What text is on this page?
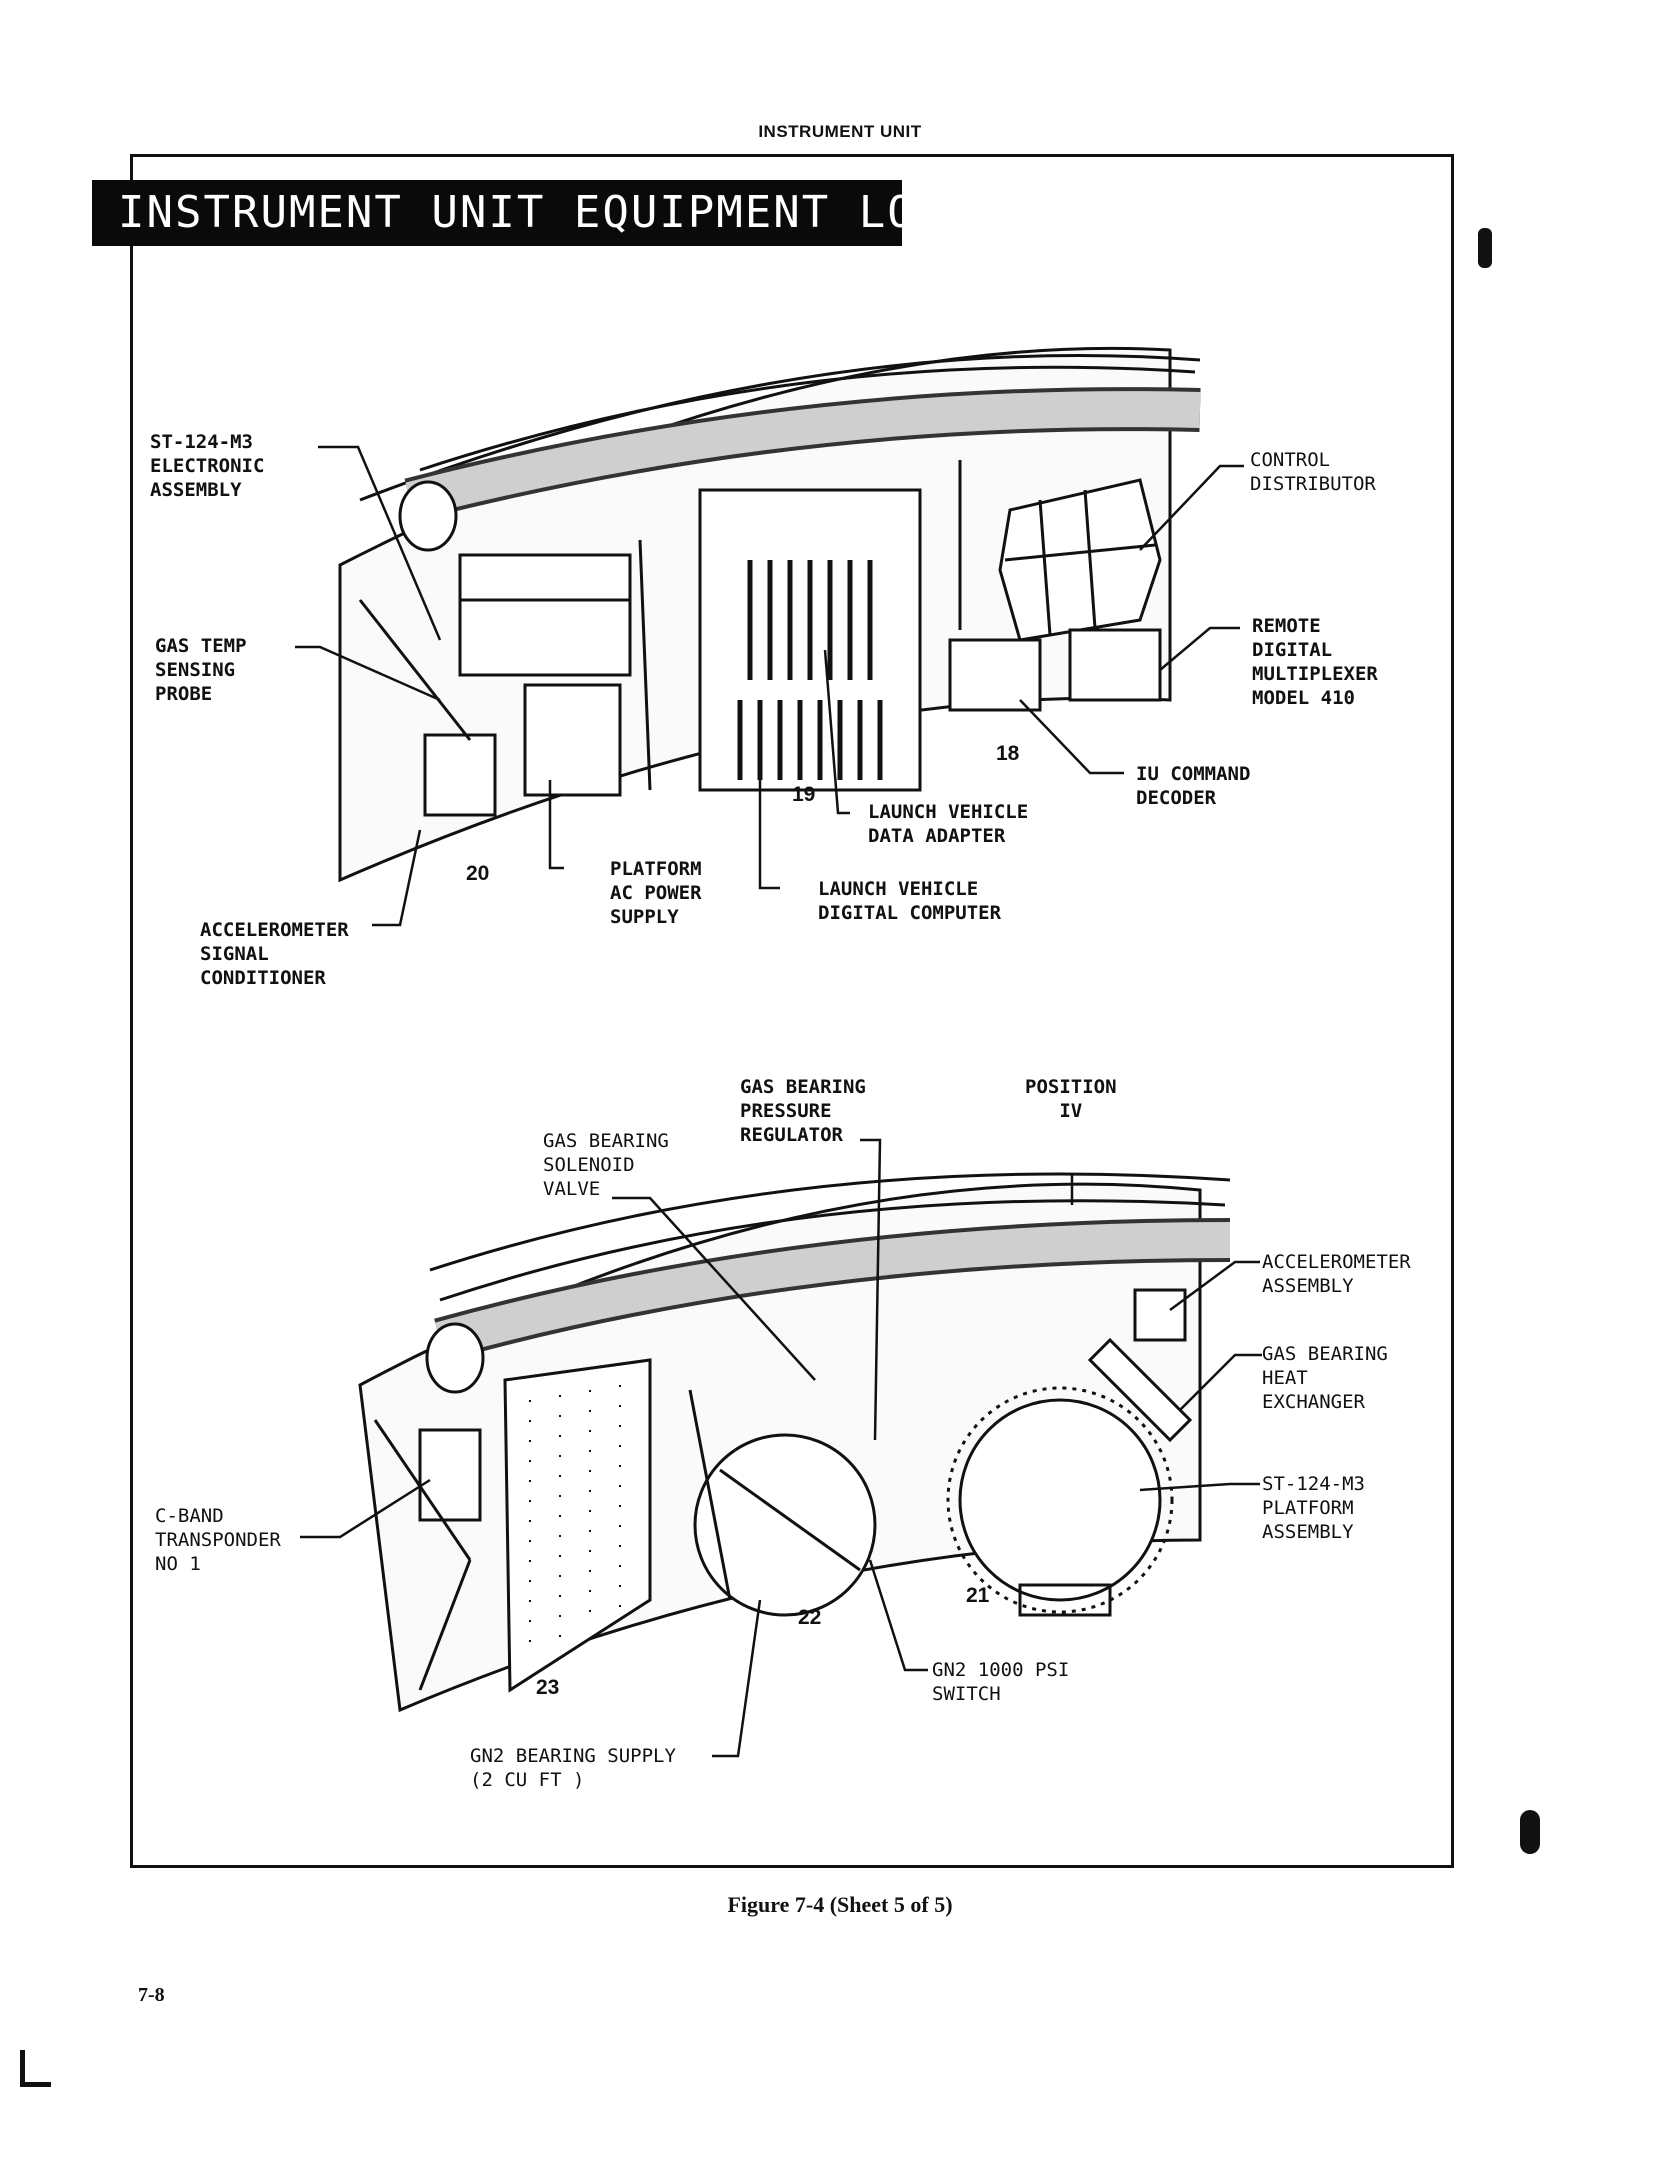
INSTRUMENT UNIT
INSTRUMENT UNIT EQUIPMENT LOCATIONS
ST-124-M3
ELECTRONIC
ASSEMBLY
GAS TEMP
SENSING
PROBE
ACCELEROMETER
SIGNAL
CONDITIONER
PLATFORM
AC POWER
SUPPLY
LAUNCH VEHICLE
DATA ADAPTER
LAUNCH VEHICLE
DIGITAL COMPUTER
CONTROL
DISTRIBUTOR
REMOTE
DIGITAL
MULTIPLEXER
MODEL 410
IU COMMAND
DECODER
18
19
20
GAS BEARING
PRESSURE
REGULATOR
POSITION
IV
GAS BEARING
SOLENOID
VALVE
ACCELEROMETER
ASSEMBLY
GAS BEARING
HEAT
EXCHANGER
ST-124-M3
PLATFORM
ASSEMBLY
C-BAND
TRANSPONDER
NO 1
GN2 1000 PSI
SWITCH
GN2 BEARING SUPPLY
(2 CU FT )
21
22
23
Figure 7-4 (Sheet 5 of 5)
7-8
